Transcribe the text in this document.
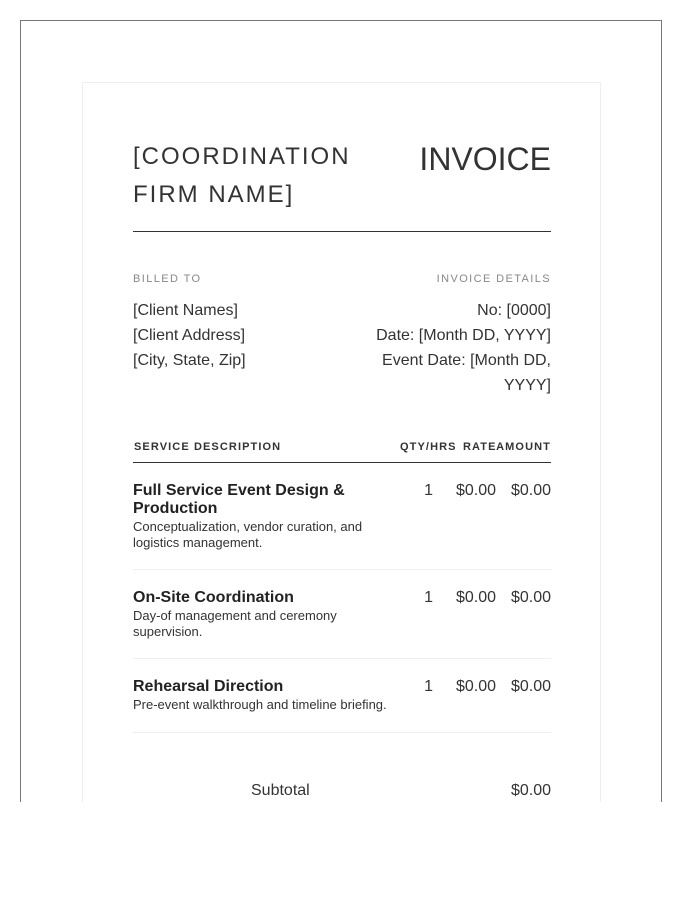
[COORDINATION FIRM NAME]
INVOICE
BILLED TO
[Client Names]
[Client Address]
[City, State, Zip]
INVOICE DETAILS
No: [0000]
Date: [Month DD, YYYY]
Event Date: [Month DD,
YYYY]
SERVICE DESCRIPTION	QTY/HRS RATE AMOUNT
Full Service Event Design & Production
Conceptualization, vendor curation, and logistics management.
1 $0.00 $0.00
On-Site Coordination
Day-of management and ceremony supervision.
1 $0.00 $0.00
Rehearsal Direction
Pre-event walkthrough and timeline briefing.
1 $0.00 $0.00
Subtotal	$0.00
